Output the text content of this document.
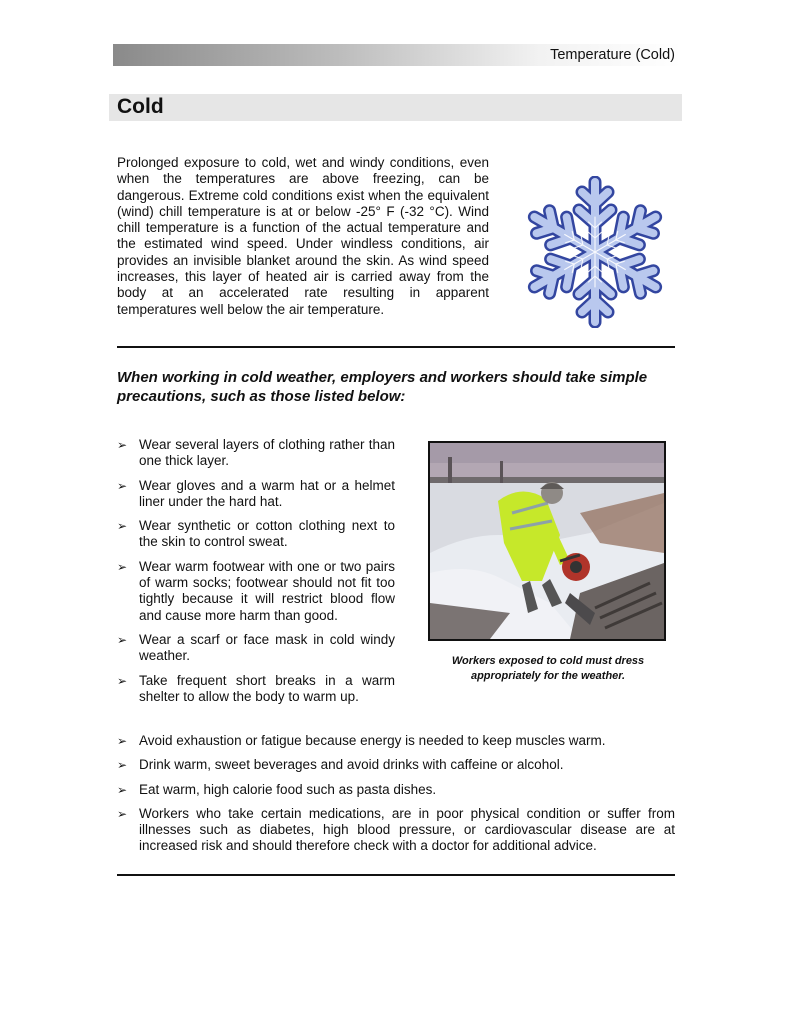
Temperature (Cold)
Cold

Prolonged exposure to cold, wet and windy conditions, even when the temperatures are above freezing, can be dangerous. Extreme cold conditions exist when the equivalent (wind) chill temperature is at or below -25° F (-32 °C). Wind chill temperature is a function of the actual temperature and the estimated wind speed. Under windless conditions, air provides an invisible blanket around the skin. As wind speed increases, this layer of heated air is carried away from the body at an accelerated rate resulting in apparent temperatures well below the air temperature.

When working in cold weather, employers and workers should take simple precautions, such as those listed below:
➢ Wear several layers of clothing rather than one thick layer.
➢ Wear gloves and a warm hat or a helmet liner under the hard hat.
➢ Wear synthetic or cotton clothing next to the skin to control sweat.
➢ Wear warm footwear with one or two pairs of warm socks; footwear should not fit too tightly because it will restrict blood flow and cause more harm than good.
➢ Wear a scarf or face mask in cold windy weather.
➢ Take frequent short breaks in a warm shelter to allow the body to warm up.

Workers exposed to cold must dress appropriately for the weather.

➢ Avoid exhaustion or fatigue because energy is needed to keep muscles warm.
➢ Drink warm, sweet beverages and avoid drinks with caffeine or alcohol.
➢ Eat warm, high calorie food such as pasta dishes.
➢ Workers who take certain medications, are in poor physical condition or suffer from illnesses such as diabetes, high blood pressure, or cardiovascular disease are at increased risk and should therefore check with a doctor for additional advice.
